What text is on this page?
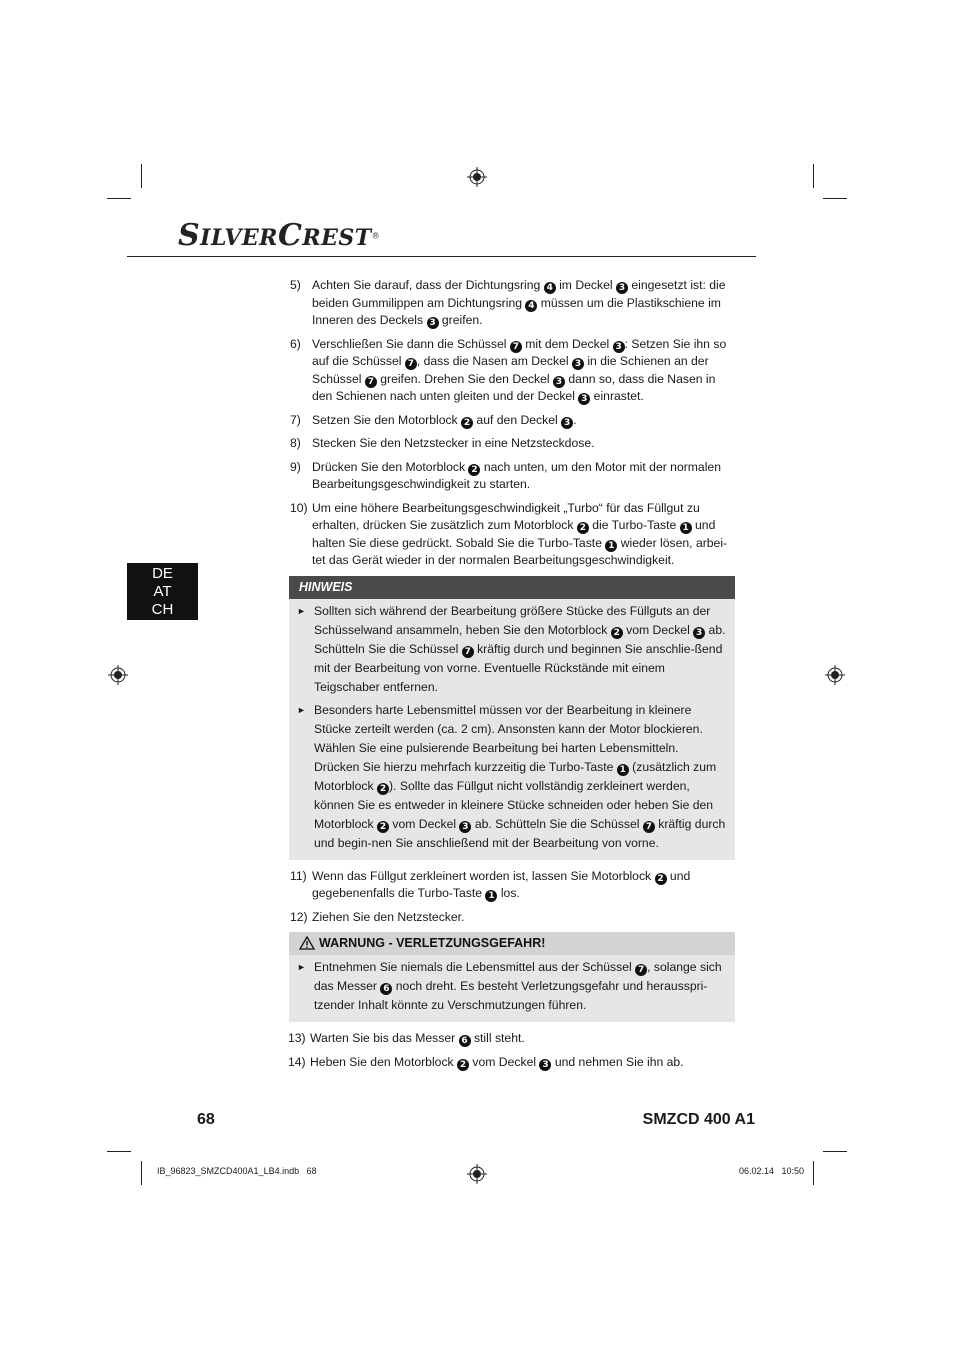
SILVERCREST®
DE
AT
CH
5) Achten Sie darauf, dass der Dichtungsring 4 im Deckel 3 eingesetzt ist: die beiden Gummilippen am Dichtungsring 4 müssen um die Plastikschiene im Inneren des Deckels 3 greifen.
6) Verschließen Sie dann die Schüssel 7 mit dem Deckel 3 : Setzen Sie ihn so auf die Schüssel 7 , dass die Nasen am Deckel 3 in die Schienen an der Schüssel 7 greifen. Drehen Sie den Deckel 3 dann so, dass die Nasen in den Schienen nach unten gleiten und der Deckel 3 einrastet.
7) Setzen Sie den Motorblock 2 auf den Deckel 3 .
8) Stecken Sie den Netzstecker in eine Netzsteckdose.
9) Drücken Sie den Motorblock 2 nach unten, um den Motor mit der normalen Bearbeitungsgeschwindigkeit zu starten.
10) Um eine höhere Bearbeitungsgeschwindigkeit „Turbo“ für das Füllgut zu erhalten, drücken Sie zusätzlich zum Motorblock 2 die Turbo-Taste 1 und halten Sie diese gedrückt. Sobald Sie die Turbo-Taste 1 wieder lösen, arbei-tet das Gerät wieder in der normalen Bearbeitungsgeschwindigkeit.
HINWEIS
► Sollten sich während der Bearbeitung größere Stücke des Füllguts an der Schüsselwand ansammeln, heben Sie den Motorblock 2 vom Deckel 3 ab. Schütteln Sie die Schüssel 7 kräftig durch und beginnen Sie anschlie-ßend mit der Bearbeitung von vorne. Eventuelle Rückstände mit einem Teigschaber entfernen.
► Besonders harte Lebensmittel müssen vor der Bearbeitung in kleinere Stücke zerteilt werden (ca. 2 cm). Ansonsten kann der Motor blockieren. Wählen Sie eine pulsierende Bearbeitung bei harten Lebensmitteln. Drücken Sie hierzu mehrfach kurzzeitig die Turbo-Taste 1 (zusätzlich zum Motorblock 2 ). Sollte das Füllgut nicht vollständig zerkleinert werden, können Sie es entweder in kleinere Stücke schneiden oder heben Sie den Motorblock 2 vom Deckel 3 ab. Schütteln Sie die Schüssel 7 kräftig durch und begin-nen Sie anschließend mit der Bearbeitung von vorne.
11) Wenn das Füllgut zerkleinert worden ist, lassen Sie Motorblock 2 und gegebenenfalls die Turbo-Taste 1 los.
12) Ziehen Sie den Netzstecker.
WARNUNG - VERLETZUNGSGEFAHR!
► Entnehmen Sie niemals die Lebensmittel aus der Schüssel 7 , solange sich das Messer 6 noch dreht. Es besteht Verletzungsgefahr und herausspri-tzender Inhalt könnte zu Verschmutzungen führen.
13) Warten Sie bis das Messer 6 still steht.
14) Heben Sie den Motorblock 2 vom Deckel 3 und nehmen Sie ihn ab.
68	SMZCD 400 A1
IB_96823_SMZCD400A1_LB4.indb   68	06.02.14   10:50
